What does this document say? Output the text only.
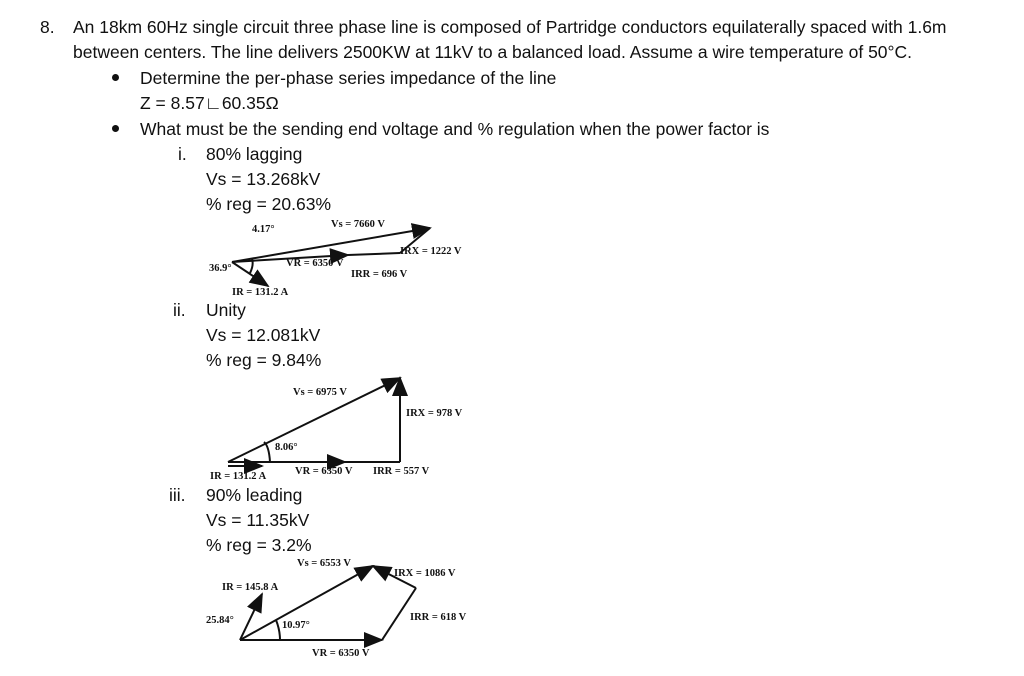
8. An 18km 60Hz single circuit three phase line is composed of Partridge conductors equilaterally spaced with 1.6m
between centers. The line delivers 2500KW at 11kV to a balanced load. Assume a wire temperature of 50°C.
Determine the per-phase series impedance of the line
Z = 8.57∟60.35Ω
What must be the sending end voltage and % regulation when the power factor is
i. 80% lagging
Vs = 13.268kV
% reg = 20.63%
ii. Unity
Vs = 12.081kV
% reg = 9.84%
iii. 90% leading
Vs = 11.35kV
% reg = 3.2%
4.17°	Vs = 7660 V
IRX = 1222 V
36.9°	VR = 6350 V
IRR = 696 V
IR = 131.2 A
Vs = 6975 V
IRX = 978 V
8.06°
IR = 131.2 A	VR = 6350 V IRR = 557 V
Vs = 6553 V
IRX = 1086 V
IR = 145.8 A
25.84°	10.97°
IRR = 618 V
VR = 6350 V
